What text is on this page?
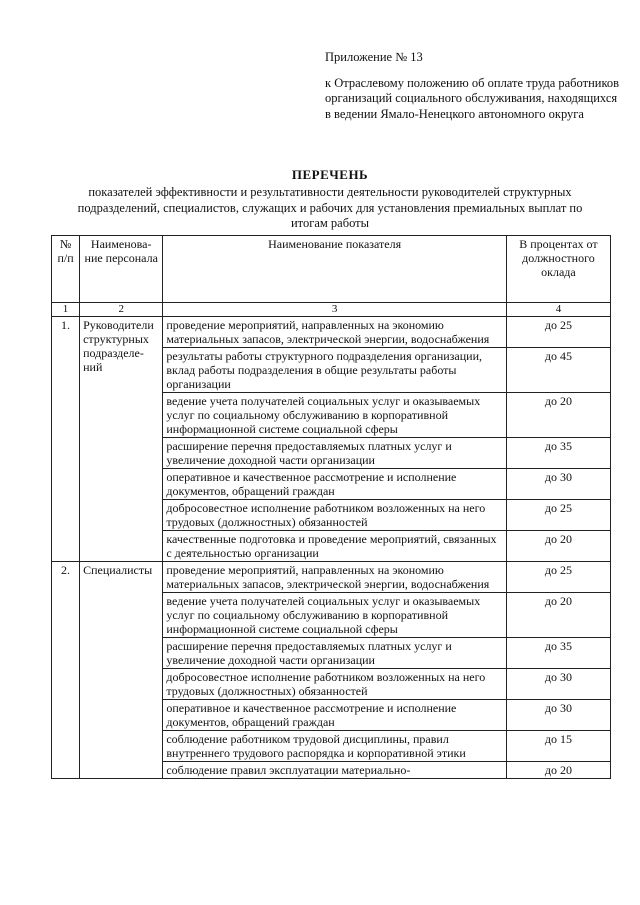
Приложение № 13
к Отраслевому положению об оплате труда работников организаций социального обслуживания, находящихся в ведении Ямало-Ненецкого автономного округа
ПЕРЕЧЕНЬ
показателей эффективности и результативности деятельности руководителей структурных подразделений, специалистов, служащих и рабочих для установления премиальных выплат по итогам работы
№ п/п	Наименова-ние персонала	Наименование показателя	В процентах от должностного оклада
1	2	3	4
1.	Руководители структурных подразделе-ний	проведение мероприятий, направленных на экономию материальных запасов, электрической энергии, водоснабжения	до 25
		результаты работы структурного подразделения организации, вклад работы подразделения в общие результаты работы организации	до 45
		ведение учета получателей социальных услуг и оказываемых услуг по социальному обслуживанию в корпоративной информационной системе социальной сферы	до 20
		расширение перечня предоставляемых платных услуг и увеличение доходной части организации	до 35
		оперативное и качественное рассмотрение и исполнение документов, обращений граждан	до 30
		добросовестное исполнение работником возложенных на него трудовых (должностных) обязанностей	до 25
		качественные подготовка и проведение мероприятий, связанных с деятельностью организации	до 20
2.	Специалисты	проведение мероприятий, направленных на экономию материальных запасов, электрической энергии, водоснабжения	до 25
		ведение учета получателей социальных услуг и оказываемых услуг по социальному обслуживанию в корпоративной информационной системе социальной сферы	до 20
		расширение перечня предоставляемых платных услуг и увеличение доходной части организации	до 35
		добросовестное исполнение работником возложенных на него трудовых (должностных) обязанностей	до 30
		оперативное и качественное рассмотрение и исполнение документов, обращений граждан	до 30
		соблюдение работником трудовой дисциплины, правил внутреннего трудового распорядка и корпоративной этики	до 15
		соблюдение правил эксплуатации материально-	до 20
